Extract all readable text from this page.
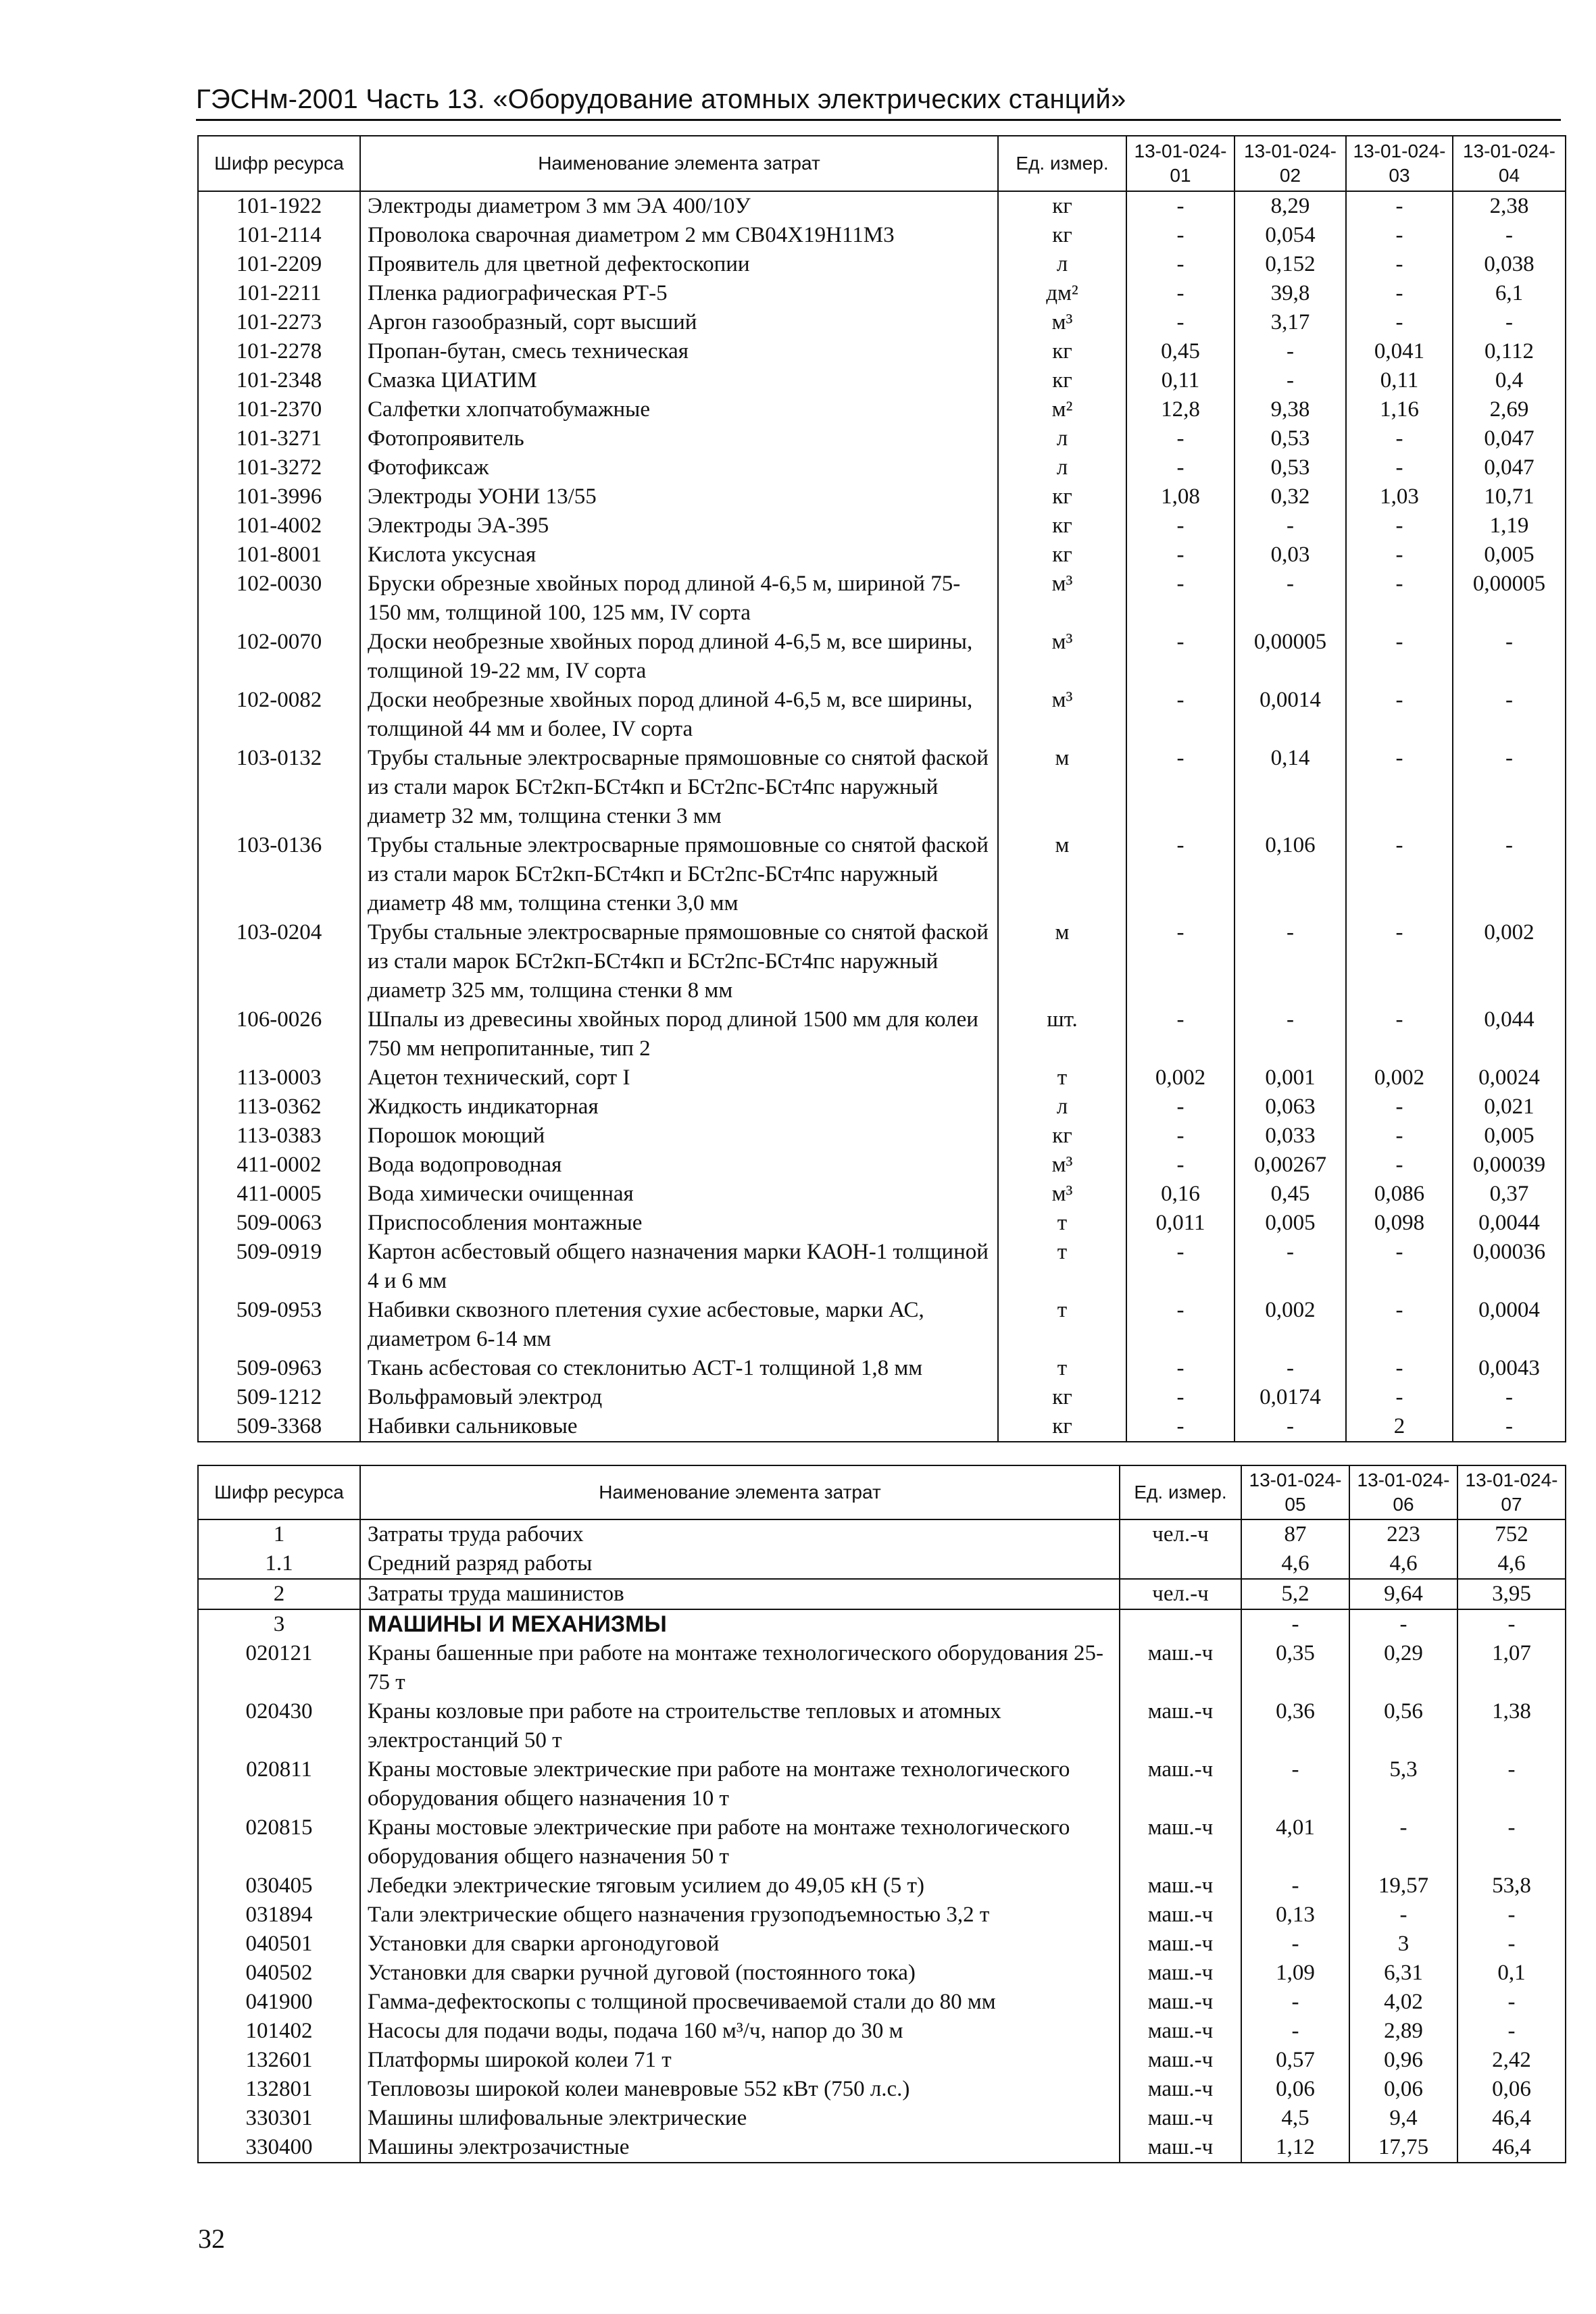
ГЭСНм-2001 Часть 13. «Оборудование атомных электрических станций»
Шифр ресурса	Наименование элемента затрат	Ед. измер.	13-01-024-01	13-01-024-02	13-01-024-03	13-01-024-04
101-1922	Электроды диаметром 3 мм ЭА 400/10У	кг	-	8,29	-	2,38
101-2114	Проволока сварочная диаметром 2 мм СВ04Х19Н11М3	кг	-	0,054	-	-
101-2209	Проявитель для цветной дефектоскопии	л	-	0,152	-	0,038
101-2211	Пленка радиографическая РТ-5	дм²	-	39,8	-	6,1
101-2273	Аргон газообразный, сорт высший	м³	-	3,17	-	-
101-2278	Пропан-бутан, смесь техническая	кг	0,45	-	0,041	0,112
101-2348	Смазка ЦИАТИМ	кг	0,11	-	0,11	0,4
101-2370	Салфетки хлопчатобумажные	м²	12,8	9,38	1,16	2,69
101-3271	Фотопроявитель	л	-	0,53	-	0,047
101-3272	Фотофиксаж	л	-	0,53	-	0,047
101-3996	Электроды УОНИ 13/55	кг	1,08	0,32	1,03	10,71
101-4002	Электроды ЭА-395	кг	-	-	-	1,19
101-8001	Кислота уксусная	кг	-	0,03	-	0,005
102-0030	Бруски обрезные хвойных пород длиной 4-6,5 м, шириной 75-150 мм, толщиной 100, 125 мм, IV сорта	м³	-	-	-	0,00005
102-0070	Доски необрезные хвойных пород длиной 4-6,5 м, все ширины, толщиной 19-22 мм, IV сорта	м³	-	0,00005	-	-
102-0082	Доски необрезные хвойных пород длиной 4-6,5 м, все ширины, толщиной 44 мм и более, IV сорта	м³	-	0,0014	-	-
103-0132	Трубы стальные электросварные прямошовные со снятой фаской из стали марок БСт2кп-БСт4кп и БСт2пс-БСт4пс наружный диаметр 32 мм, толщина стенки 3 мм	м	-	0,14	-	-
103-0136	Трубы стальные электросварные прямошовные со снятой фаской из стали марок БСт2кп-БСт4кп и БСт2пс-БСт4пс наружный диаметр 48 мм, толщина стенки 3,0 мм	м	-	0,106	-	-
103-0204	Трубы стальные электросварные прямошовные со снятой фаской из стали марок БСт2кп-БСт4кп и БСт2пс-БСт4пс наружный диаметр 325 мм, толщина стенки 8 мм	м	-	-	-	0,002
106-0026	Шпалы из древесины хвойных пород длиной 1500 мм для колеи 750 мм непропитанные, тип 2	шт.	-	-	-	0,044
113-0003	Ацетон технический, сорт I	т	0,002	0,001	0,002	0,0024
113-0362	Жидкость индикаторная	л	-	0,063	-	0,021
113-0383	Порошок моющий	кг	-	0,033	-	0,005
411-0002	Вода водопроводная	м³	-	0,00267	-	0,00039
411-0005	Вода химически очищенная	м³	0,16	0,45	0,086	0,37
509-0063	Приспособления монтажные	т	0,011	0,005	0,098	0,0044
509-0919	Картон асбестовый общего назначения марки КАОН-1 толщиной 4 и 6 мм	т	-	-	-	0,00036
509-0953	Набивки сквозного плетения сухие асбестовые, марки АС, диаметром 6-14 мм	т	-	0,002	-	0,0004
509-0963	Ткань асбестовая со стеклонитью АСТ-1 толщиной 1,8 мм	т	-	-	-	0,0043
509-1212	Вольфрамовый электрод	кг	-	0,0174	-	-
509-3368	Набивки сальниковые	кг	-	-	2	-
Шифр ресурса	Наименование элемента затрат	Ед. измер.	13-01-024-05	13-01-024-06	13-01-024-07
1	Затраты труда рабочих	чел.-ч	87	223	752
1.1	Средний разряд работы		4,6	4,6	4,6
2	Затраты труда машинистов	чел.-ч	5,2	9,64	3,95
3	МАШИНЫ И МЕХАНИЗМЫ		-	-	-
020121	Краны башенные при работе на монтаже технологического оборудования 25-75 т	маш.-ч	0,35	0,29	1,07
020430	Краны козловые при работе на строительстве тепловых и атомных электростанций 50 т	маш.-ч	0,36	0,56	1,38
020811	Краны мостовые электрические при работе на монтаже технологического оборудования общего назначения 10 т	маш.-ч	-	5,3	-
020815	Краны мостовые электрические при работе на монтаже технологического оборудования общего назначения 50 т	маш.-ч	4,01	-	-
030405	Лебедки электрические тяговым усилием до 49,05 кН (5 т)	маш.-ч	-	19,57	53,8
031894	Тали электрические общего назначения грузоподъемностью 3,2 т	маш.-ч	0,13	-	-
040501	Установки для сварки аргонодуговой	маш.-ч	-	3	-
040502	Установки для сварки ручной дуговой (постоянного тока)	маш.-ч	1,09	6,31	0,1
041900	Гамма-дефектоскопы с толщиной просвечиваемой стали до 80 мм	маш.-ч	-	4,02	-
101402	Насосы для подачи воды, подача 160 м³/ч, напор до 30 м	маш.-ч	-	2,89	-
132601	Платформы широкой колеи 71 т	маш.-ч	0,57	0,96	2,42
132801	Тепловозы широкой колеи маневровые 552 кВт (750 л.с.)	маш.-ч	0,06	0,06	0,06
330301	Машины шлифовальные электрические	маш.-ч	4,5	9,4	46,4
330400	Машины электрозачистные	маш.-ч	1,12	17,75	46,4
32
